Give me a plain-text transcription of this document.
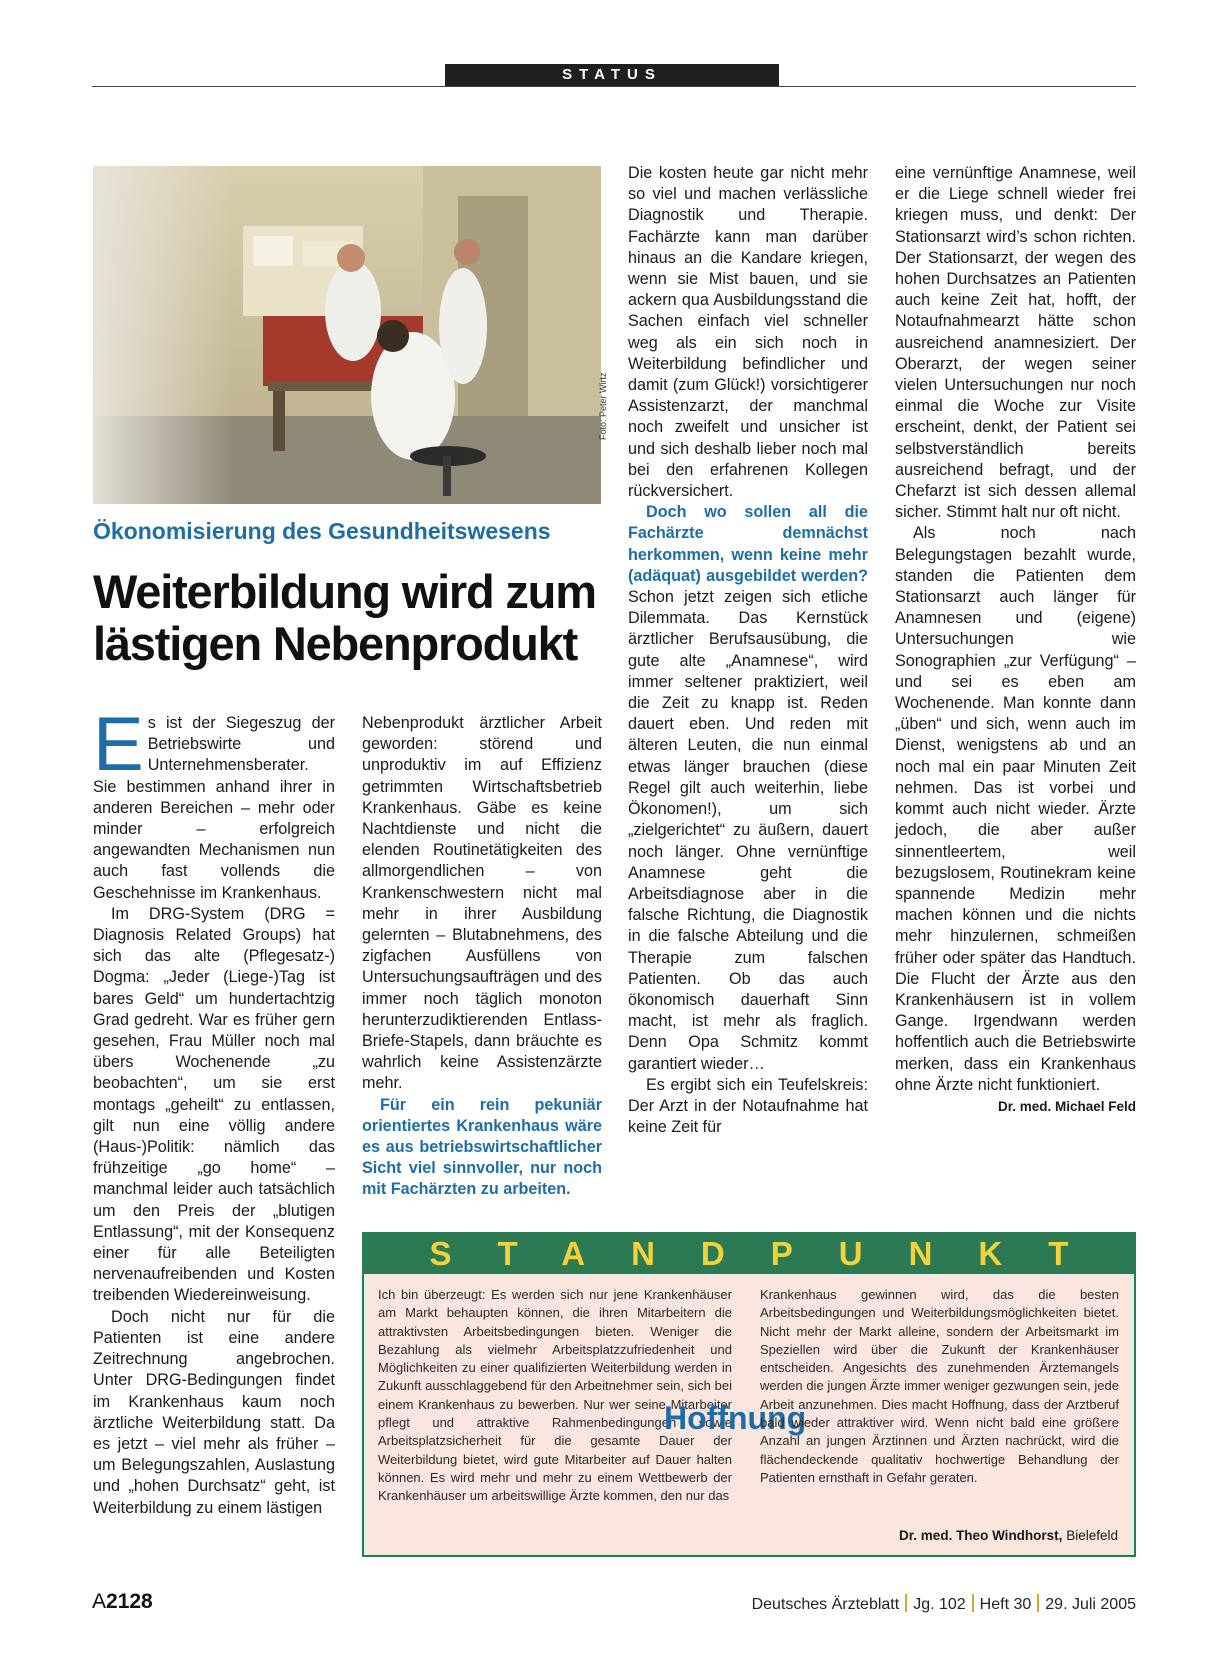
STATUS
Foto: Peter Wirtz
Ökonomisierung des Gesundheitswesens
Weiterbildung wird zum lästigen Nebenprodukt

Es ist der Siegeszug der Betriebswirte und Unternehmensberater. Sie bestimmen anhand ihrer in anderen Bereichen – mehr oder minder – erfolgreich angewandten Mechanismen nun auch fast vollends die Geschehnisse im Krankenhaus.

Im DRG-System (DRG = Diagnosis Related Groups) hat sich das alte (Pflegesatz-) Dogma: „Jeder (Liege-)Tag ist bares Geld“ um hundertachtzig Grad gedreht. War es früher gern gesehen, Frau Müller noch mal übers Wochenende „zu beobachten“, um sie erst montags „geheilt“ zu entlassen, gilt nun eine völlig andere (Haus-)Politik: nämlich das frühzeitige „go home“ – manchmal leider auch tatsächlich um den Preis der „blutigen Entlassung“, mit der Konsequenz einer für alle Beteiligten nervenaufreibenden und Kosten treibenden Wiedereinweisung.

Doch nicht nur für die Patienten ist eine andere Zeitrechnung angebrochen. Unter DRG-Bedingungen findet im Krankenhaus kaum noch ärztliche Weiterbildung statt. Da es jetzt – viel mehr als früher – um Belegungszahlen, Auslastung und „hohen Durchsatz“ geht, ist Weiterbildung zu einem lästigen

Nebenprodukt ärztlicher Arbeit geworden: störend und unproduktiv im auf Effizienz getrimmten Wirtschaftsbetrieb Krankenhaus. Gäbe es keine Nachtdienste und nicht die elenden Routinetätigkeiten des allmorgendlichen – von Krankenschwestern nicht mal mehr in ihrer Ausbildung gelernten – Blutabnehmens, des zigfachen Ausfüllens von Untersuchungsaufträgen und des immer noch täglich monoton herunterzudiktierenden Entlass-Briefe-Stapels, dann bräuchte es wahrlich keine Assistenzärzte mehr.

Für ein rein pekuniär orientiertes Krankenhaus wäre es aus betriebswirtschaftlicher Sicht viel sinnvoller, nur noch mit Fachärzten zu arbeiten.

Die kosten heute gar nicht mehr so viel und machen verlässliche Diagnostik und Therapie. Fachärzte kann man darüber hinaus an die Kandare kriegen, wenn sie Mist bauen, und sie ackern qua Ausbildungsstand die Sachen einfach viel schneller weg als ein sich noch in Weiterbildung befindlicher und damit (zum Glück!) vorsichtigerer Assistenzarzt, der manchmal noch zweifelt und unsicher ist und sich deshalb lieber noch mal bei den erfahrenen Kollegen rückversichert.

Doch wo sollen all die Fachärzte demnächst herkommen, wenn keine mehr (adäquat) ausgebildet werden? Schon jetzt zeigen sich etliche Dilemmata. Das Kernstück ärztlicher Berufsausübung, die gute alte „Anamnese“, wird immer seltener praktiziert, weil die Zeit zu knapp ist. Reden dauert eben. Und reden mit älteren Leuten, die nun einmal etwas länger brauchen (diese Regel gilt auch weiterhin, liebe Ökonomen!), um sich „zielgerichtet“ zu äußern, dauert noch länger. Ohne vernünftige Anamnese geht die Arbeitsdiagnose aber in die falsche Richtung, die Diagnostik in die falsche Abteilung und die Therapie zum falschen Patienten. Ob das auch ökonomisch dauerhaft Sinn macht, ist mehr als fraglich. Denn Opa Schmitz kommt garantiert wieder…

Es ergibt sich ein Teufelskreis: Der Arzt in der Notaufnahme hat keine Zeit für

eine vernünftige Anamnese, weil er die Liege schnell wieder frei kriegen muss, und denkt: Der Stationsarzt wird’s schon richten. Der Stationsarzt, der wegen des hohen Durchsatzes an Patienten auch keine Zeit hat, hofft, der Notaufnahmearzt hätte schon ausreichend anamnesiziert. Der Oberarzt, der wegen seiner vielen Untersuchungen nur noch einmal die Woche zur Visite erscheint, denkt, der Patient sei selbstverständlich bereits ausreichend befragt, und der Chefarzt ist sich dessen allemal sicher. Stimmt halt nur oft nicht.

Als noch nach Belegungstagen bezahlt wurde, standen die Patienten dem Stationsarzt auch länger für Anamnesen und (eigene) Untersuchungen wie Sonographien „zur Verfügung“ – und sei es eben am Wochenende. Man konnte dann „üben“ und sich, wenn auch im Dienst, wenigstens ab und an noch mal ein paar Minuten Zeit nehmen. Das ist vorbei und kommt auch nicht wieder. Ärzte jedoch, die aber außer sinnentleertem, weil bezugslosem, Routinekram keine spannende Medizin mehr machen können und die nichts mehr hinzulernen, schmeißen früher oder später das Handtuch. Die Flucht der Ärzte aus den Krankenhäusern ist in vollem Gange. Irgendwann werden hoffentlich auch die Betriebswirte merken, dass ein Krankenhaus ohne Ärzte nicht funktioniert.
Dr. med. Michael Feld

STANDPUNKT
Ich bin überzeugt: Es werden sich nur jene Krankenhäuser am Markt behaupten können, die ihren Mitarbeitern die attraktivsten Arbeitsbedingungen bieten. Weniger die Bezahlung als vielmehr Arbeitsplatzzufriedenheit und Möglichkeiten zu einer qualifizierten Weiterbildung werden in Zukunft ausschlaggebend für den Arbeitnehmer sein, sich bei einem Krankenhaus zu bewerben. Nur wer seine Mitarbeiter pflegt und attraktive Rahmenbedingungen sowie Arbeitsplatzsicherheit für die gesamte Dauer der Weiterbildung bietet, wird gute Mitarbeiter auf Dauer halten können. Es wird mehr und mehr zu einem Wettbewerb der Krankenhäuser um arbeitswillige Ärzte kommen, den nur das
Hoffnung
Krankenhaus gewinnen wird, das die besten Arbeitsbedingungen und Weiterbildungsmöglichkeiten bietet. Nicht mehr der Markt alleine, sondern der Arbeitsmarkt im Speziellen wird über die Zukunft der Krankenhäuser entscheiden. Angesichts des zunehmenden Ärztemangels werden die jungen Ärzte immer weniger gezwungen sein, jede Arbeit anzunehmen. Dies macht Hoffnung, dass der Arztberuf bald wieder attraktiver wird. Wenn nicht bald eine größere Anzahl an jungen Ärztinnen und Ärzten nachrückt, wird die flächendeckende qualitativ hochwertige Behandlung der Patienten ernsthaft in Gefahr geraten.
Dr. med. Theo Windhorst, Bielefeld
A2128	Deutsches Ärzteblatt Jg. 102 Heft 30 29. Juli 2005
